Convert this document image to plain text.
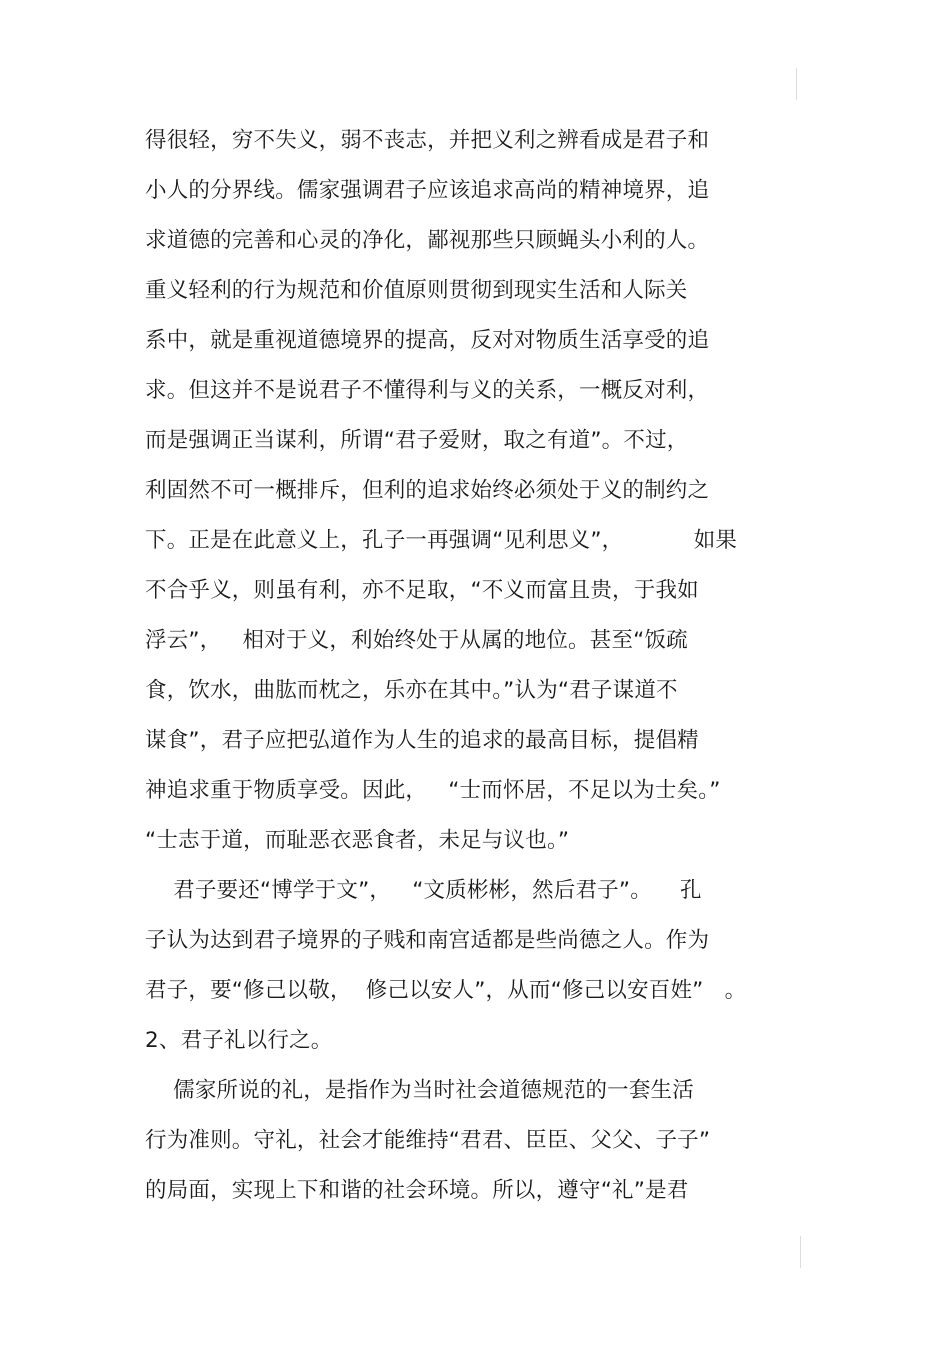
得很轻，穷不失义，弱不丧志，并把义利之辨看成是君子和
小人的分界线。儒家强调君子应该追求高尚的精神境界，追
求道德的完善和心灵的净化，鄙视那些只顾蝇头小利的人。
重义轻利的行为规范和价值原则贯彻到现实生活和人际关
系中，就是重视道德境界的提高，反对对物质生活享受的追
求。但这并不是说君子不懂得利与义的关系，一概反对利，
而是强调正当谋利，所谓“君子爱财，取之有道”。不过，
利固然不可一概排斥，但利的追求始终必须处于义的制约之
下。正是在此意义上，孔子一再强调“见利思义”，          如果
不合乎义，则虽有利，亦不足取，“不义而富且贵，于我如
浮云”，   相对于义，利始终处于从属的地位。甚至“饭疏
食，饮水，曲肱而枕之，乐亦在其中。”认为“君子谋道不
谋食”，君子应把弘道作为人生的追求的最高目标，提倡精
神追求重于物质享受。因此，   “士而怀居，不足以为士矣。”
“士志于道，而耻恶衣恶食者，未足与议也。”
君子要还“博学于文”，   “文质彬彬，然后君子”。    孔
子认为达到君子境界的子贱和南宫适都是些尚德之人。作为
君子，要“修己以敬，  修己以安人”，从而“修己以安百姓”   。
2、君子礼以行之。
儒家所说的礼，是指作为当时社会道德规范的一套生活
行为准则。守礼，社会才能维持“君君、臣臣、父父、子子”
的局面，实现上下和谐的社会环境。所以，遵守“礼”是君
